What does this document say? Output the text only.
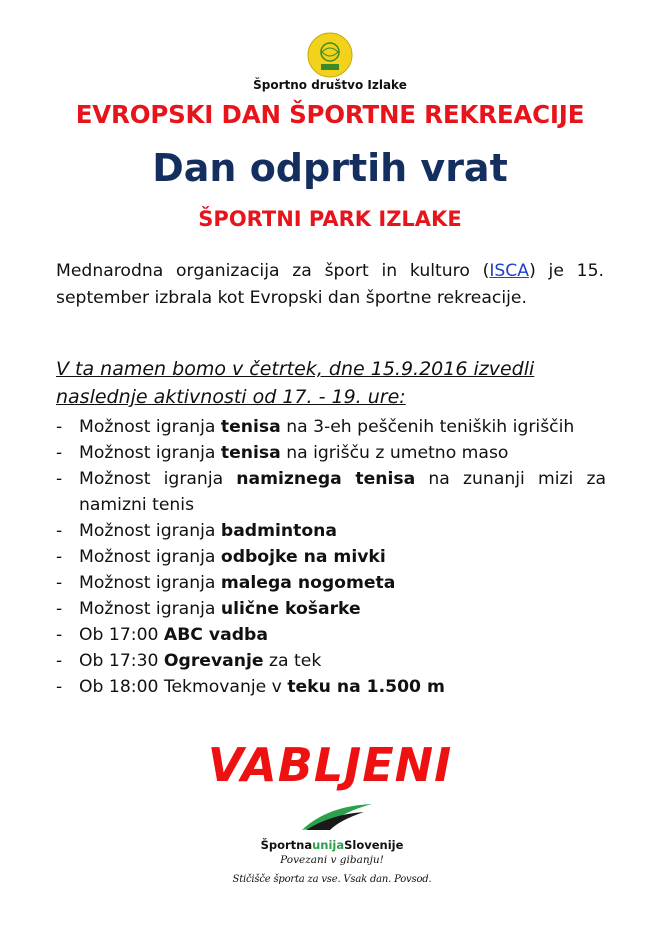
Športno društvo Izlake
EVROPSKI DAN ŠPORTNE REKREACIJE
Dan odprtih vrat
ŠPORTNI PARK IZLAKE
Mednarodna organizacija za šport in kulturo (ISCA) je 15. september izbrala kot Evropski dan športne rekreacije.
V ta namen bomo v četrtek, dne 15.9.2016 izvedli naslednje aktivnosti od 17. - 19. ure:
- Možnost igranja tenisa na 3-eh peščenih teniških igriščih
- Možnost igranja tenisa na igrišču z umetno maso
- Možnost igranja namiznega tenisa na zunanji mizi za namizni tenis
- Možnost igranja badmintona
- Možnost igranja odbojke na mivki
- Možnost igranja malega nogometa
- Možnost igranja ulične košarke
- Ob 17:00 ABC vadba
- Ob 17:30 Ogrevanje za tek
- Ob 18:00 Tekmovanje v teku na 1.500 m
VABLJENI
ŠportnaunijaSlovenije
Povezani v gibanju!
Stičišče športa za vse. Vsak dan. Povsod.
